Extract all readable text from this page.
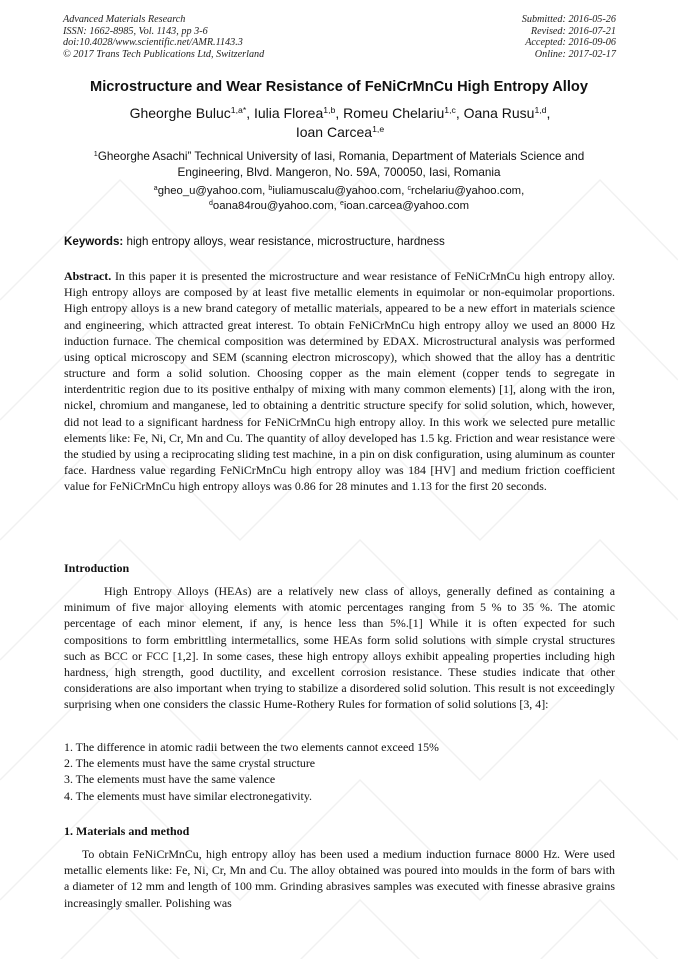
Advanced Materials Research
ISSN: 1662-8985, Vol. 1143, pp 3-6
doi:10.4028/www.scientific.net/AMR.1143.3
© 2017 Trans Tech Publications Ltd, Switzerland
Submitted: 2016-05-26
Revised: 2016-07-21
Accepted: 2016-09-06
Online: 2017-02-17
Microstructure and Wear Resistance of FeNiCrMnCu High Entropy Alloy
Gheorghe Buluc$^{1,a*}$, Iulia Florea$^{1,b}$, Romeu Chelariu$^{1,c}$, Oana Rusu$^{1,d}$,
Ioan Carcea$^{1,e}$
$^1$Gheorghe Asachi” Technical University of Iasi, Romania, Department of Materials Science and Engineering, Blvd. Mangeron, No. 59A, 700050, Iasi, Romania
$^a$gheo_u@yahoo.com, $^b$iuliamuscalu@yahoo.com, $^c$rchelariu@yahoo.com,
$^d$oana84rou@yahoo.com, $^e$ioan.carcea@yahoo.com
Keywords: high entropy alloys, wear resistance, microstructure, hardness
Abstract. In this paper it is presented the microstructure and wear resistance of FeNiCrMnCu high entropy alloy. High entropy alloys are composed by at least five metallic elements in equimolar or non-equimolar proportions. High entropy alloys is a new brand category of metallic materials, appeared to be a new effort in materials science and engineering, which attracted great interest. To obtain FeNiCrMnCu high entropy alloy we used an 8000 Hz induction furnace. The chemical composition was determined by EDAX. Microstructural analysis was performed using optical microscopy and SEM (scanning electron microscopy), which showed that the alloy has a dentritic structure and form a solid solution. Choosing copper as the main element (copper tends to segregate in interdentritic region due to its positive enthalpy of mixing with many common elements) [1], along with the iron, nickel, chromium and manganese, led to obtaining a dentritic structure specify for solid solution, which, however, did not lead to a significant hardness for FeNiCrMnCu high entropy alloy. In this work we selected pure metallic elements like: Fe, Ni, Cr, Mn and Cu. The quantity of alloy developed has 1.5 kg. Friction and wear resistance were the studied by using a reciprocating sliding test machine, in a pin on disk configuration, using aluminum as counter face. Hardness value regarding FeNiCrMnCu high entropy alloy was 184 [HV] and medium friction coefficient value for FeNiCrMnCu high entropy alloys was 0.86 for 28 minutes and 1.13 for the first 20 seconds.
Introduction
High Entropy Alloys (HEAs) are a relatively new class of alloys, generally defined as containing a minimum of five major alloying elements with atomic percentages ranging from 5 % to 35 %. The atomic percentage of each minor element, if any, is hence less than 5%.[1] While it is often expected for such compositions to form embrittling intermetallics, some HEAs form solid solutions with simple crystal structures such as BCC or FCC [1,2]. In some cases, these high entropy alloys exhibit appealing properties including high hardness, high strength, good ductility, and excellent corrosion resistance. These studies indicate that other considerations are also important when trying to stabilize a disordered solid solution. This result is not exceedingly surprising when one considers the classic Hume-Rothery Rules for formation of solid solutions [3, 4]:
1. The difference in atomic radii between the two elements cannot exceed 15%
2. The elements must have the same crystal structure
3. The elements must have the same valence
4. The elements must have similar electronegativity.
1. Materials and method
To obtain FeNiCrMnCu, high entropy alloy has been used a medium induction furnace 8000 Hz. Were used metallic elements like: Fe, Ni, Cr, Mn and Cu. The alloy obtained was poured into moulds in the form of bars with a diameter of 12 mm and length of 100 mm. Grinding abrasives samples was executed with finesse abrasive grains increasingly smaller. Polishing was
